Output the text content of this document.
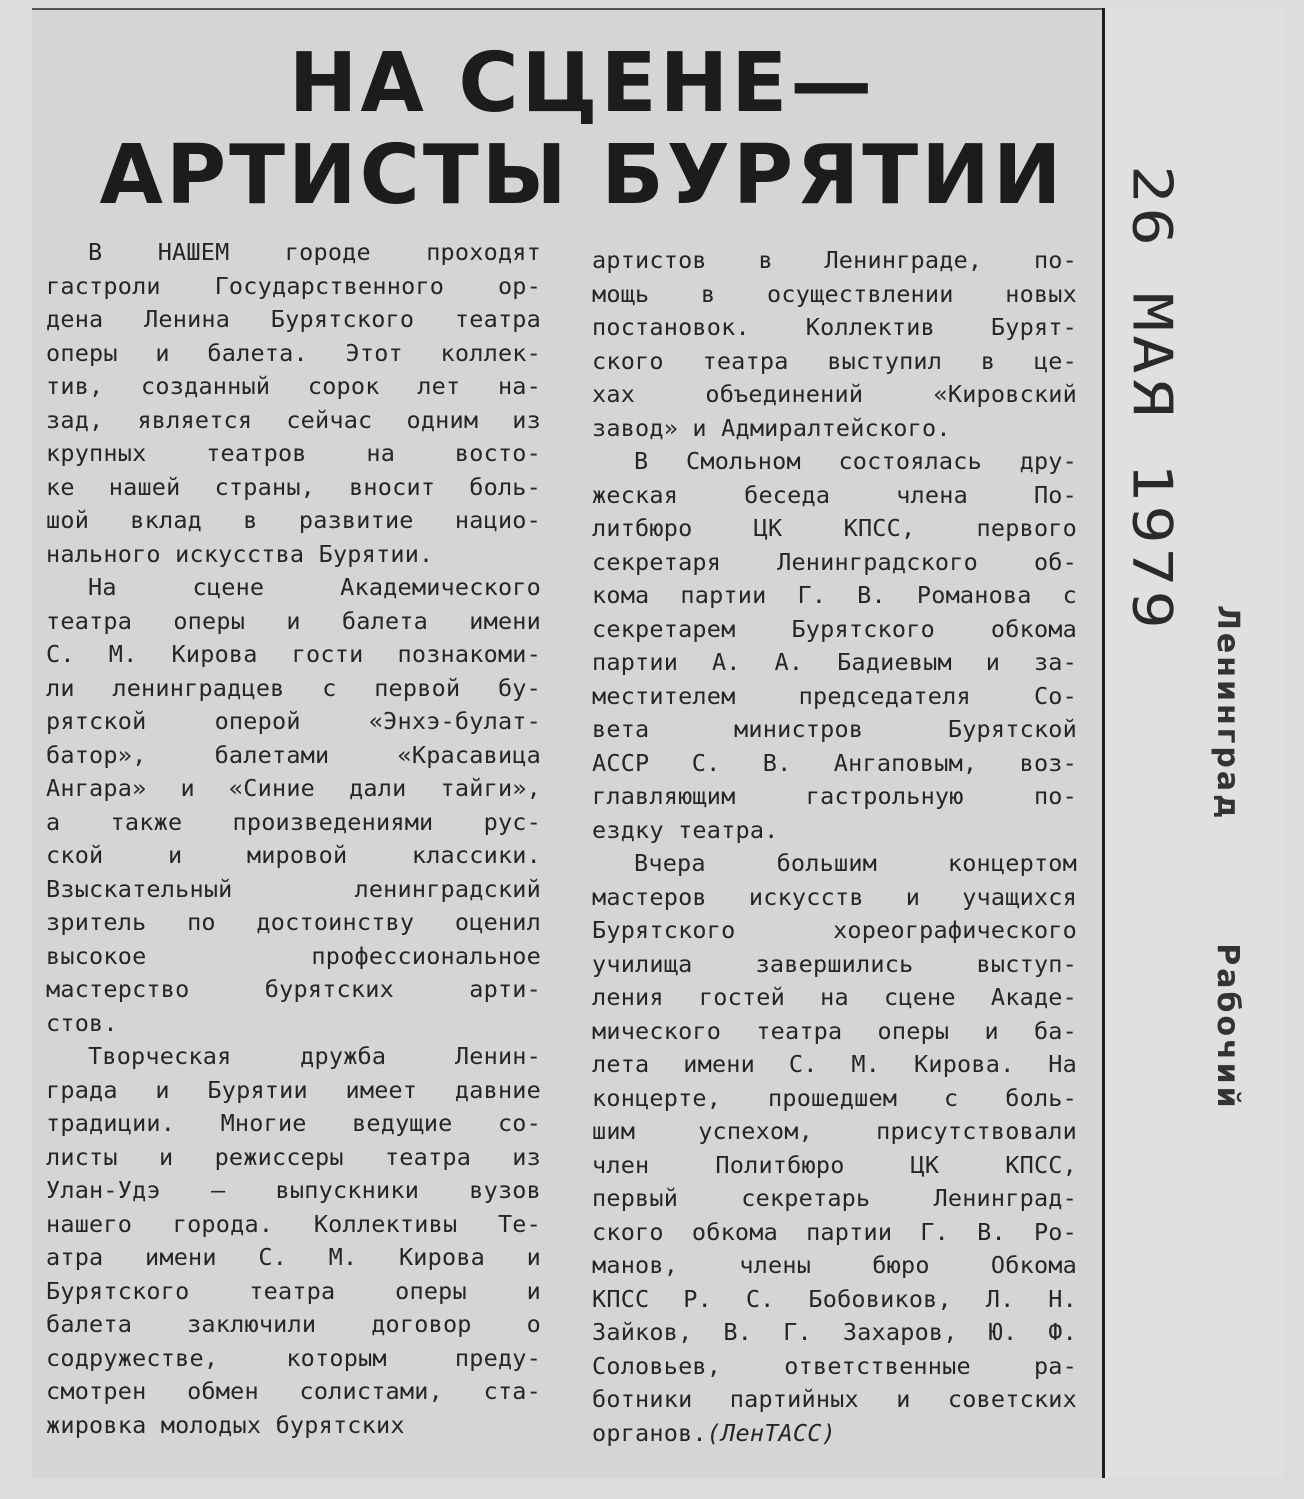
НА СЦЕНЕ—
АРТИСТЫ БУРЯТИИ

В НАШЕМ городе проходят
гастроли Государственного ор-
дена Ленина Бурятского театра
оперы и балета. Этот коллек-
тив, созданный сорок лет на-
зад, является сейчас одним из
крупных театров на восто-
ке нашей страны, вносит боль-
шой вклад в развитие нацио-
нального искусства Бурятии.

На сцене Академического
театра оперы и балета имени
С. М. Кирова гости познакоми-
ли ленинградцев с первой бу-
рятской оперой «Энхэ-булат-
батор», балетами «Красавица
Ангара» и «Синие дали тайги»,
а также произведениями рус-
ской и мировой классики.
Взыскательный ленинградский
зритель по достоинству оценил
высокое профессиональное
мастерство бурятских арти-
стов.

Творческая дружба Ленин-
града и Бурятии имеет давние
традиции. Многие ведущие со-
листы и режиссеры театра из
Улан-Удэ — выпускники вузов
нашего города. Коллективы Те-
атра имени С. М. Кирова и
Бурятского театра оперы и
балета заключили договор о
содружестве, которым преду-
смотрен обмен солистами, ста-
жировка молодых бурятских

артистов в Ленинграде, по-
мощь в осуществлении новых
постановок. Коллектив Бурят-
ского театра выступил в це-
хах объединений «Кировский
завод» и Адмиралтейского.

В Смольном состоялась дру-
жеская беседа члена По-
литбюро ЦК КПСС, первого
секретаря Ленинградского об-
кома партии Г. В. Романова с
секретарем Бурятского обкома
партии А. А. Бадиевым и за-
местителем председателя Со-
вета министров Бурятской
АССР С. В. Ангаповым, воз-
главляющим гастрольную по-
ездку театра.

Вчера большим концертом
мастеров искусств и учащихся
Бурятского хореографического
училища завершились выступ-
ления гостей на сцене Акаде-
мического театра оперы и ба-
лета имени С. М. Кирова. На
концерте, прошедшем с боль-
шим успехом, присутствовали
член Политбюро ЦК КПСС,
первый секретарь Ленинград-
ского обкома партии Г. В. Ро-
манов, члены бюро Обкома
КПСС Р. С. Бобовиков, Л. Н.
Зайков, В. Г. Захаров, Ю. Ф.
Соловьев, ответственные ра-
ботники партийных и советских
органов.(ЛенТАСС)

26 МАЯ 1979
Ленинград  Рабочий
